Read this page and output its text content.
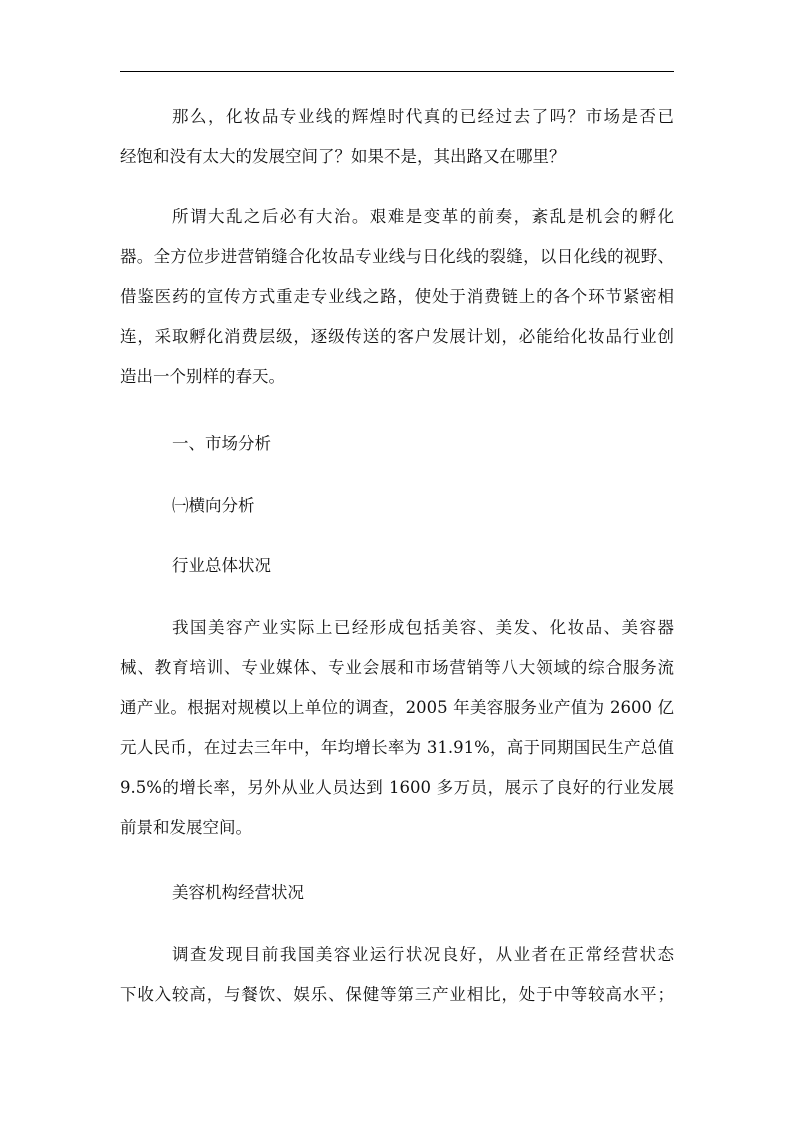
那么，化妆品专业线的辉煌时代真的已经过去了吗？市场是否已
经饱和没有太大的发展空间了？如果不是，其出路又在哪里？
所谓大乱之后必有大治。艰难是变革的前奏，紊乱是机会的孵化
器。全方位步进营销缝合化妆品专业线与日化线的裂缝，以日化线的视野、
借鉴医药的宣传方式重走专业线之路，使处于消费链上的各个环节紧密相
连，采取孵化消费层级，逐级传送的客户发展计划，必能给化妆品行业创
造出一个别样的春天。
一、市场分析
㈠横向分析
行业总体状况
我国美容产业实际上已经形成包括美容、美发、化妆品、美容器
械、教育培训、专业媒体、专业会展和市场营销等八大领域的综合服务流
通产业。根据对规模以上单位的调查，2005 年美容服务业产值为 2600 亿
元人民币，在过去三年中，年均增长率为 31.91%，高于同期国民生产总值
9.5%的增长率，另外从业人员达到 1600 多万员，展示了良好的行业发展
前景和发展空间。
美容机构经营状况
调查发现目前我国美容业运行状况良好，从业者在正常经营状态
下收入较高，与餐饮、娱乐、保健等第三产业相比，处于中等较高水平；
